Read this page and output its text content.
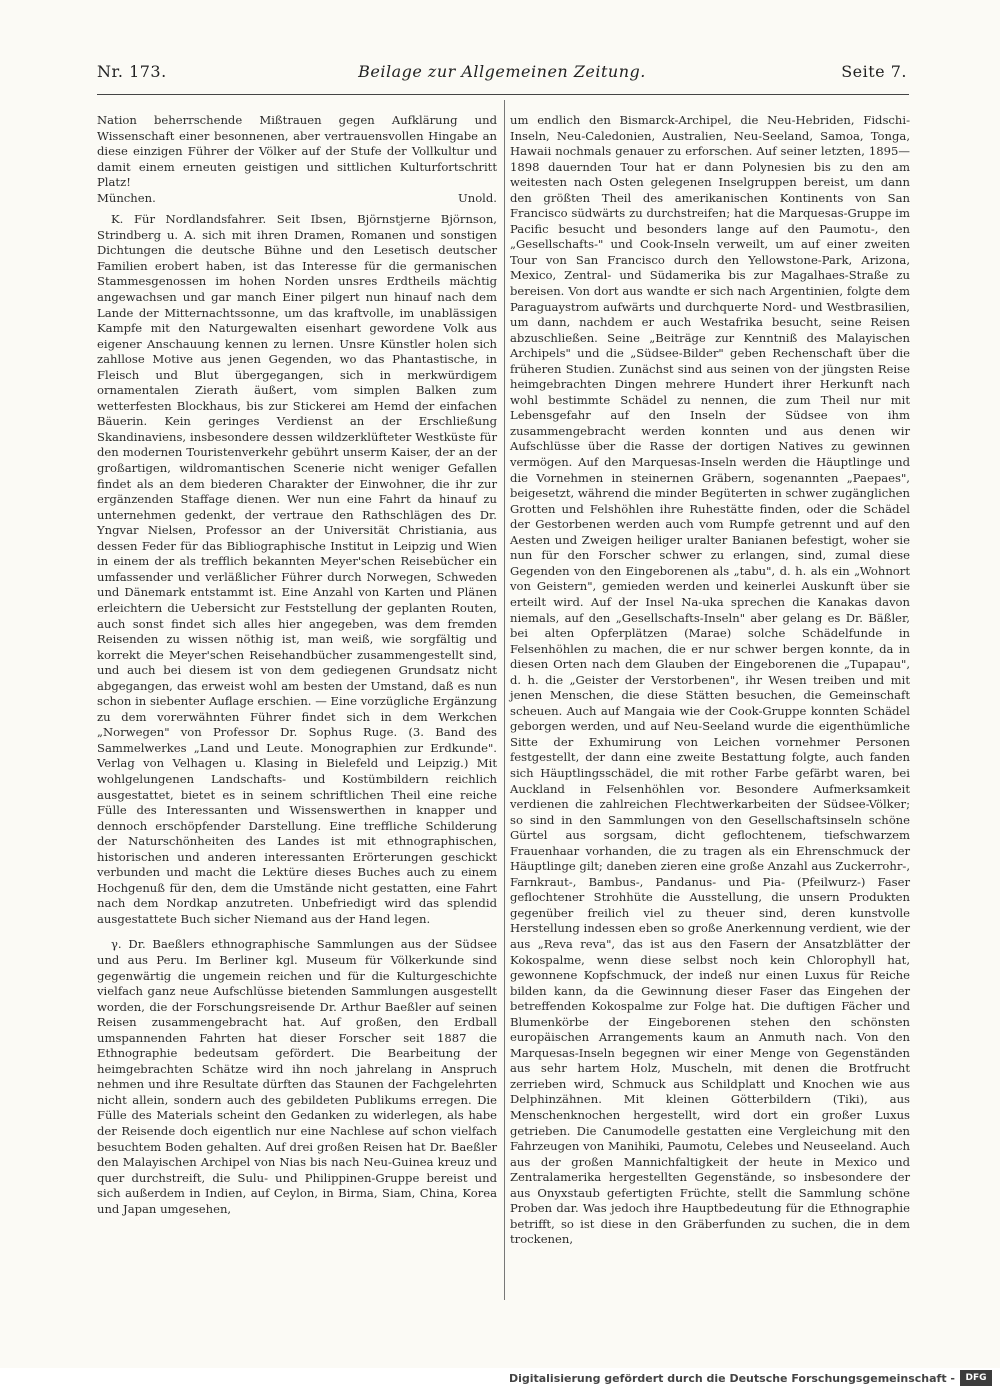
Nr. 173.	Beilage zur Allgemeinen Zeitung.	Seite 7.

Nation beherrschende Mißtrauen gegen Aufklärung und Wissenschaft einer besonnenen, aber vertrauensvollen Hingabe an diese einzigen Führer der Völker auf der Stufe der Vollkultur und damit einem erneuten geistigen und sittlichen Kulturfortschritt Platz!

München.	Unold.

K. Für Nordlandsfahrer. Seit Ibsen, Björnstjerne Björnson, Strindberg u. A. sich mit ihren Dramen, Romanen und sonstigen Dichtungen die deutsche Bühne und den Lesetisch deutscher Familien erobert haben, ist das Interesse für die germanischen Stammesgenossen im hohen Norden unsres Erdtheils mächtig angewachsen und gar manch Einer pilgert nun hinauf nach dem Lande der Mitternachtssonne, um das kraftvolle, im unablässigen Kampfe mit den Naturgewalten eisenhart gewordene Volk aus eigener Anschauung kennen zu lernen. Unsre Künstler holen sich zahllose Motive aus jenen Gegenden, wo das Phantastische, in Fleisch und Blut übergegangen, sich in merkwürdigem ornamentalen Zierath äußert, vom simplen Balken zum wetterfesten Blockhaus, bis zur Stickerei am Hemd der einfachen Bäuerin. Kein geringes Verdienst an der Erschließung Skandinaviens, insbesondere dessen wildzerklüfteter Westküste für den modernen Touristenverkehr gebührt unserm Kaiser, der an der großartigen, wildromantischen Scenerie nicht weniger Gefallen findet als an dem biederen Charakter der Einwohner, die ihr zur ergänzenden Staffage dienen. Wer nun eine Fahrt da hinauf zu unternehmen gedenkt, der vertraue den Rathschlägen des Dr. Yngvar Nielsen, Professor an der Universität Christiania, aus dessen Feder für das Bibliographische Institut in Leipzig und Wien in einem der als trefflich bekannten Meyer'schen Reisebücher ein umfassender und verläßlicher Führer durch Norwegen, Schweden und Dänemark entstammt ist. Eine Anzahl von Karten und Plänen erleichtern die Uebersicht zur Feststellung der geplanten Routen, auch sonst findet sich alles hier angegeben, was dem fremden Reisenden zu wissen nöthig ist, man weiß, wie sorgfältig und korrekt die Meyer'schen Reisehandbücher zusammengestellt sind, und auch bei diesem ist von dem gediegenen Grundsatz nicht abgegangen, das erweist wohl am besten der Umstand, daß es nun schon in siebenter Auflage erschien. — Eine vorzügliche Ergänzung zu dem vorerwähnten Führer findet sich in dem Werkchen „Norwegen" von Professor Dr. Sophus Ruge. (3. Band des Sammelwerkes „Land und Leute. Monographien zur Erdkunde". Verlag von Velhagen u. Klasing in Bielefeld und Leipzig.) Mit wohlgelungenen Landschafts- und Kostümbildern reichlich ausgestattet, bietet es in seinem schriftlichen Theil eine reiche Fülle des Interessanten und Wissenswerthen in knapper und dennoch erschöpfender Darstellung. Eine treffliche Schilderung der Naturschönheiten des Landes ist mit ethnographischen, historischen und anderen interessanten Erörterungen geschickt verbunden und macht die Lektüre dieses Buches auch zu einem Hochgenuß für den, dem die Umstände nicht gestatten, eine Fahrt nach dem Nordkap anzutreten. Unbefriedigt wird das splendid ausgestattete Buch sicher Niemand aus der Hand legen.

γ. Dr. Baeßlers ethnographische Sammlungen aus der Südsee und aus Peru. Im Berliner kgl. Museum für Völkerkunde sind gegenwärtig die ungemein reichen und für die Kulturgeschichte vielfach ganz neue Aufschlüsse bietenden Sammlungen ausgestellt worden, die der Forschungsreisende Dr. Arthur Baeßler auf seinen Reisen zusammengebracht hat. Auf großen, den Erdball umspannenden Fahrten hat dieser Forscher seit 1887 die Ethnographie bedeutsam gefördert. Die Bearbeitung der heimgebrachten Schätze wird ihn noch jahrelang in Anspruch nehmen und ihre Resultate dürften das Staunen der Fachgelehrten nicht allein, sondern auch des gebildeten Publikums erregen. Die Fülle des Materials scheint den Gedanken zu widerlegen, als habe der Reisende doch eigentlich nur eine Nachlese auf schon vielfach besuchtem Boden gehalten. Auf drei großen Reisen hat Dr. Baeßler den Malayischen Archipel von Nias bis nach Neu-Guinea kreuz und quer durchstreift, die Sulu- und Philippinen-Gruppe bereist und sich außerdem in Indien, auf Ceylon, in Birma, Siam, China, Korea und Japan umgesehen,

um endlich den Bismarck-Archipel, die Neu-Hebriden, Fidschi-Inseln, Neu-Caledonien, Australien, Neu-Seeland, Samoa, Tonga, Hawaii nochmals genauer zu erforschen. Auf seiner letzten, 1895—1898 dauernden Tour hat er dann Polynesien bis zu den am weitesten nach Osten gelegenen Inselgruppen bereist, um dann den größten Theil des amerikanischen Kontinents von San Francisco südwärts zu durchstreifen; hat die Marquesas-Gruppe im Pacific besucht und besonders lange auf den Paumotu-, den „Gesellschafts-" und Cook-Inseln verweilt, um auf einer zweiten Tour von San Francisco durch den Yellowstone-Park, Arizona, Mexico, Zentral- und Südamerika bis zur Magalhaes-Straße zu bereisen. Von dort aus wandte er sich nach Argentinien, folgte dem Paraguaystrom aufwärts und durchquerte Nord- und Westbrasilien, um dann, nachdem er auch Westafrika besucht, seine Reisen abzuschließen. Seine „Beiträge zur Kenntniß des Malayischen Archipels" und die „Südsee-Bilder" geben Rechenschaft über die früheren Studien. Zunächst sind aus seinen von der jüngsten Reise heimgebrachten Dingen mehrere Hundert ihrer Herkunft nach wohl bestimmte Schädel zu nennen, die zum Theil nur mit Lebensgefahr auf den Inseln der Südsee von ihm zusammengebracht werden konnten und aus denen wir Aufschlüsse über die Rasse der dortigen Natives zu gewinnen vermögen. Auf den Marquesas-Inseln werden die Häuptlinge und die Vornehmen in steinernen Gräbern, sogenannten „Paepaes", beigesetzt, während die minder Begüterten in schwer zugänglichen Grotten und Felshöhlen ihre Ruhestätte finden, oder die Schädel der Gestorbenen werden auch vom Rumpfe getrennt und auf den Aesten und Zweigen heiliger uralter Banianen befestigt, woher sie nun für den Forscher schwer zu erlangen, sind, zumal diese Gegenden von den Eingeborenen als „tabu", d. h. als ein „Wohnort von Geistern", gemieden werden und keinerlei Auskunft über sie erteilt wird. Auf der Insel Na-uka sprechen die Kanakas davon niemals, auf den „Gesellschafts-Inseln" aber gelang es Dr. Bäßler, bei alten Opferplätzen (Marae) solche Schädelfunde in Felsenhöhlen zu machen, die er nur schwer bergen konnte, da in diesen Orten nach dem Glauben der Eingeborenen die „Tupapau", d. h. die „Geister der Verstorbenen", ihr Wesen treiben und mit jenen Menschen, die diese Stätten besuchen, die Gemeinschaft scheuen. Auch auf Mangaia wie der Cook-Gruppe konnten Schädel geborgen werden, und auf Neu-Seeland wurde die eigenthümliche Sitte der Exhumirung von Leichen vornehmer Personen festgestellt, der dann eine zweite Bestattung folgte, auch fanden sich Häuptlingsschädel, die mit rother Farbe gefärbt waren, bei Auckland in Felsenhöhlen vor. Besondere Aufmerksamkeit verdienen die zahlreichen Flechtwerkarbeiten der Südsee-Völker; so sind in den Sammlungen von den Gesellschaftsinseln schöne Gürtel aus sorgsam, dicht geflochtenem, tiefschwarzem Frauenhaar vorhanden, die zu tragen als ein Ehrenschmuck der Häuptlinge gilt; daneben zieren eine große Anzahl aus Zuckerrohr-, Farnkraut-, Bambus-, Pandanus- und Pia- (Pfeilwurz-) Faser geflochtener Strohhüte die Ausstellung, die unsern Produkten gegenüber freilich viel zu theuer sind, deren kunstvolle Herstellung indessen eben so große Anerkennung verdient, wie der aus „Reva reva", das ist aus den Fasern der Ansatzblätter der Kokospalme, wenn diese selbst noch kein Chlorophyll hat, gewonnene Kopfschmuck, der indeß nur einen Luxus für Reiche bilden kann, da die Gewinnung dieser Faser das Eingehen der betreffenden Kokospalme zur Folge hat. Die duftigen Fächer und Blumenkörbe der Eingeborenen stehen den schönsten europäischen Arrangements kaum an Anmuth nach. Von den Marquesas-Inseln begegnen wir einer Menge von Gegenständen aus sehr hartem Holz, Muscheln, mit denen die Brotfrucht zerrieben wird, Schmuck aus Schildplatt und Knochen wie aus Delphinzähnen. Mit kleinen Götterbildern (Tiki), aus Menschenknochen hergestellt, wird dort ein großer Luxus getrieben. Die Canumodelle gestatten eine Vergleichung mit den Fahrzeugen von Manihiki, Paumotu, Celebes und Neuseeland. Auch aus der großen Mannichfaltigkeit der heute in Mexico und Zentralamerika hergestellten Gegenstände, so insbesondere der aus Onyxstaub gefertigten Früchte, stellt die Sammlung schöne Proben dar. Was jedoch ihre Hauptbedeutung für die Ethnographie betrifft, so ist diese in den Gräberfunden zu suchen, die in dem trockenen,

Digitalisierung gefördert durch die Deutsche Forschungsgemeinschaft -	DFG
